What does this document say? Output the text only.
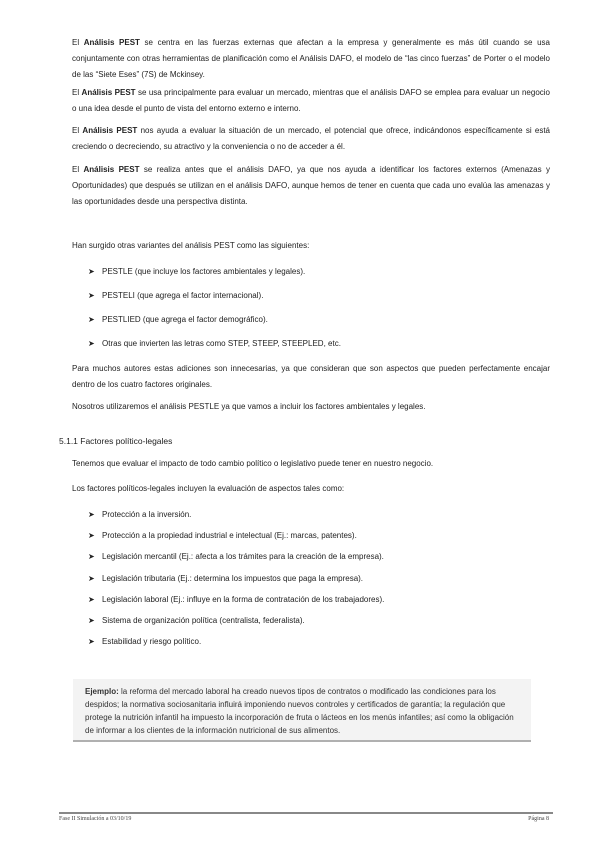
El Análisis PEST se centra en las fuerzas externas que afectan a la empresa y generalmente es más útil cuando se usa conjuntamente con otras herramientas de planificación como el Análisis DAFO, el modelo de “las cinco fuerzas” de Porter o el modelo de las “Siete Eses” (7S) de Mckinsey.

El Análisis PEST se usa principalmente para evaluar un mercado, mientras que el análisis DAFO se emplea para evaluar un negocio o una idea desde el punto de vista del entorno externo e interno.

El Análisis PEST nos ayuda a evaluar la situación de un mercado, el potencial que ofrece, indicándonos específicamente si está creciendo o decreciendo, su atractivo y la conveniencia o no de acceder a él.

El Análisis PEST se realiza antes que el análisis DAFO, ya que nos ayuda a identificar los factores externos (Amenazas y Oportunidades) que después se utilizan en el análisis DAFO, aunque hemos de tener en cuenta que cada uno evalúa las amenazas y las oportunidades desde una perspectiva distinta.

Han surgido otras variantes del análisis PEST como las siguientes:

➤ PESTLE (que incluye los factores ambientales y legales).
➤ PESTELI (que agrega el factor internacional).
➤ PESTLIED (que agrega el factor demográfico).
➤ Otras que invierten las letras como STEP, STEEP, STEEPLED, etc.

Para muchos autores estas adiciones son innecesarias, ya que consideran que son aspectos que pueden perfectamente encajar dentro de los cuatro factores originales.

Nosotros utilizaremos el análisis PESTLE ya que vamos a incluir los factores ambientales y legales.

5.1.1 Factores político-legales

Tenemos que evaluar el impacto de todo cambio político o legislativo puede tener en nuestro negocio.

Los factores políticos-legales incluyen la evaluación de aspectos tales como:

➤ Protección a la inversión.
➤ Protección a la propiedad industrial e intelectual (Ej.: marcas, patentes).
➤ Legislación mercantil (Ej.: afecta a los trámites para la creación de la empresa).
➤ Legislación tributaria (Ej.: determina los impuestos que paga la empresa).
➤ Legislación laboral (Ej.: influye en la forma de contratación de los trabajadores).
➤ Sistema de organización política (centralista, federalista).
➤ Estabilidad y riesgo político.
Ejemplo: la reforma del mercado laboral ha creado nuevos tipos de contratos o modificado las condiciones para los despidos; la normativa sociosanitaria influirá imponiendo nuevos controles y certificados de garantía; la regulación que protege la nutrición infantil ha impuesto la incorporación de fruta o lácteos en los menús infantiles; así como la obligación de informar a los clientes de la información nutricional de sus alimentos.
Fase II Simulación a 03/10/19	Página 8
